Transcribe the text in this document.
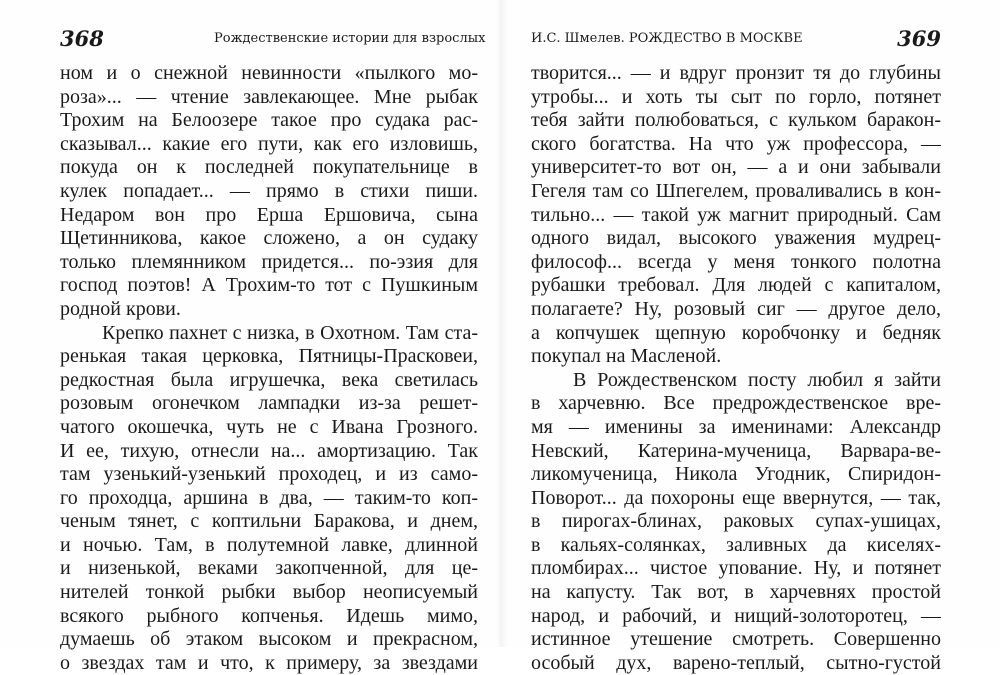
368	Рождественские истории для взрослых
ном и о снежной невинности «пылкого мо-
роза»... — чтение завлекающее. Мне рыбак
Трохим на Белоозере такое про судака рас-
сказывал... какие его пути, как его изловишь,
покуда он к последней покупательнице в
кулек попадает... — прямо в стихи пиши.
Недаром вон про Ерша Ершовича, сына
Щетинникова, какое сложено, а он судаку
только племянником придется... по-эзия для
господ поэтов! А Трохим-то тот с Пушкиным
родной крови.
Крепко пахнет с низка, в Охотном. Там ста-
ренькая такая церковка, Пятницы-Прасковеи,
редкостная была игрушечка, века светилась
розовым огонечком лампадки из-за решет-
чатого окошечка, чуть не с Ивана Грозного.
И ее, тихую, отнесли на... амортизацию. Так
там узенький-узенький проходец, и из само-
го проходца, аршина в два, — таким-то коп-
ченым тянет, с коптильни Баракова, и днем,
и ночью. Там, в полутемной лавке, длинной
и низенькой, веками закопченной, для це-
нителей тонкой рыбки выбор неописуемый
всякого рыбного копченья. Идешь мимо,
думаешь об этаком высоком и прекрасном,
о звездах там и что, к примеру, за звездами
И.С. Шмелев. РОЖДЕСТВО В МОСКВЕ	369
творится... — и вдруг пронзит тя до глубины
утробы... и хоть ты сыт по горло, потянет
тебя зайти полюбоваться, с кульком баракон-
ского богатства. На что уж профессора, —
университет-то вот он, — а и они забывали
Гегеля там со Шпегелем, проваливались в кон-
тильно... — такой уж магнит природный. Сам
одного видал, высокого уважения мудрец-
философ... всегда у меня тонкого полотна
рубашки требовал. Для людей с капиталом,
полагаете? Ну, розовый сиг — другое дело,
а копчушек щепную коробчонку и бедняк
покупал на Масленой.
В Рождественском посту любил я зайти
в харчевню. Все предрождественское вре-
мя — именины за именинами: Александр
Невский, Катерина-мученица, Варвара-ве-
ликомученица, Никола Угодник, Спиридон-
Поворот... да похороны еще ввернутся, — так,
в пирогах-блинах, раковых супах-ушицах,
в кальях-солянках, заливных да киселях-
пломбирах... чистое упование. Ну, и потянет
на капусту. Так вот, в харчевнях простой
народ, и рабочий, и нищий-золоторотец, —
истинное утешение смотреть. Совершенно
особый дух, варено-теплый, сытно-густой
